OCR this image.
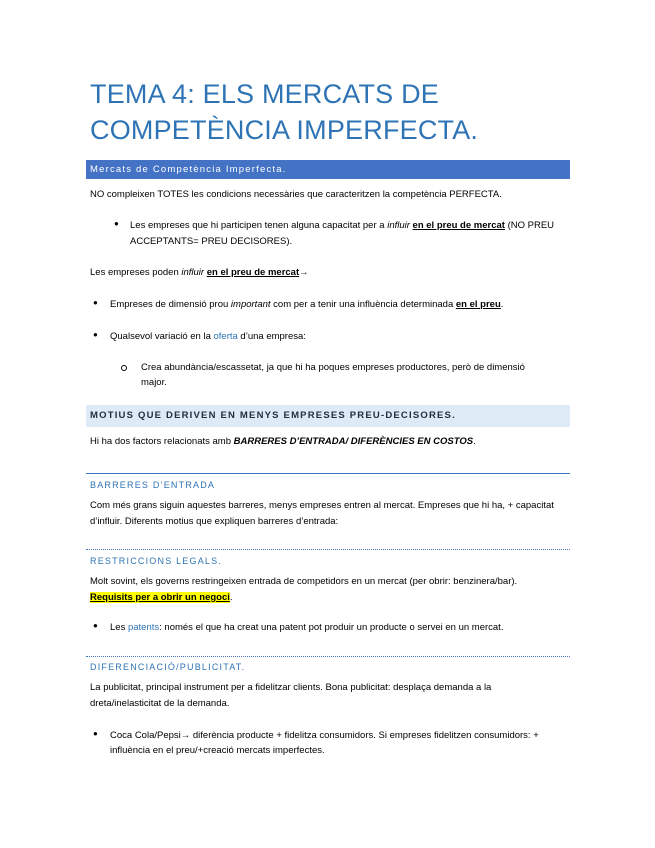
TEMA 4: ELS MERCATS DE
COMPETÈNCIA IMPERFECTA.
Mercats de Competència Imperfecta.
NO compleixen TOTES les condicions necessàries que caracteritzen la competència PERFECTA.
● Les empreses que hi participen tenen alguna capacitat per a influir en el preu de mercat (NO PREU
ACCEPTANTS= PREU DECISORES).
Les empreses poden influir en el preu de mercat→
● Empreses de dimensió prou important com per a tenir una influència determinada en el preu.
● Qualsevol variació en la oferta d’una empresa:
Crea abundància/escassetat, ja que hi ha poques empreses productores, però de dimensió
major.
MOTIUS QUE DERIVEN EN MENYS EMPRESES PREU-DECISORES.
Hi ha dos factors relacionats amb BARRERES D’ENTRADA/ DIFERÈNCIES EN COSTOS.
BARRERES D’ENTRADA
Com més grans siguin aquestes barreres, menys empreses entren al mercat. Empreses que hi ha, + capacitat
d’influir. Diferents motius que expliquen barreres d’entrada:
RESTRICCIONS LEGALS.
Molt sovint, els governs restringeixen entrada de competidors en un mercat (per obrir: benzinera/bar).
Requisits per a obrir un negoci.
● Les patents: només el que ha creat una patent pot produir un producte o servei en un mercat.
DIFERENCIACIÓ/PUBLICITAT.
La publicitat, principal instrument per a fidelitzar clients. Bona publicitat: desplaça demanda a la
dreta/inelasticitat de la demanda.
● Coca Cola/Pepsi→ diferència producte + fidelitza consumidors. Si empreses fidelitzen consumidors: +
influència en el preu/+creació mercats imperfectes.
